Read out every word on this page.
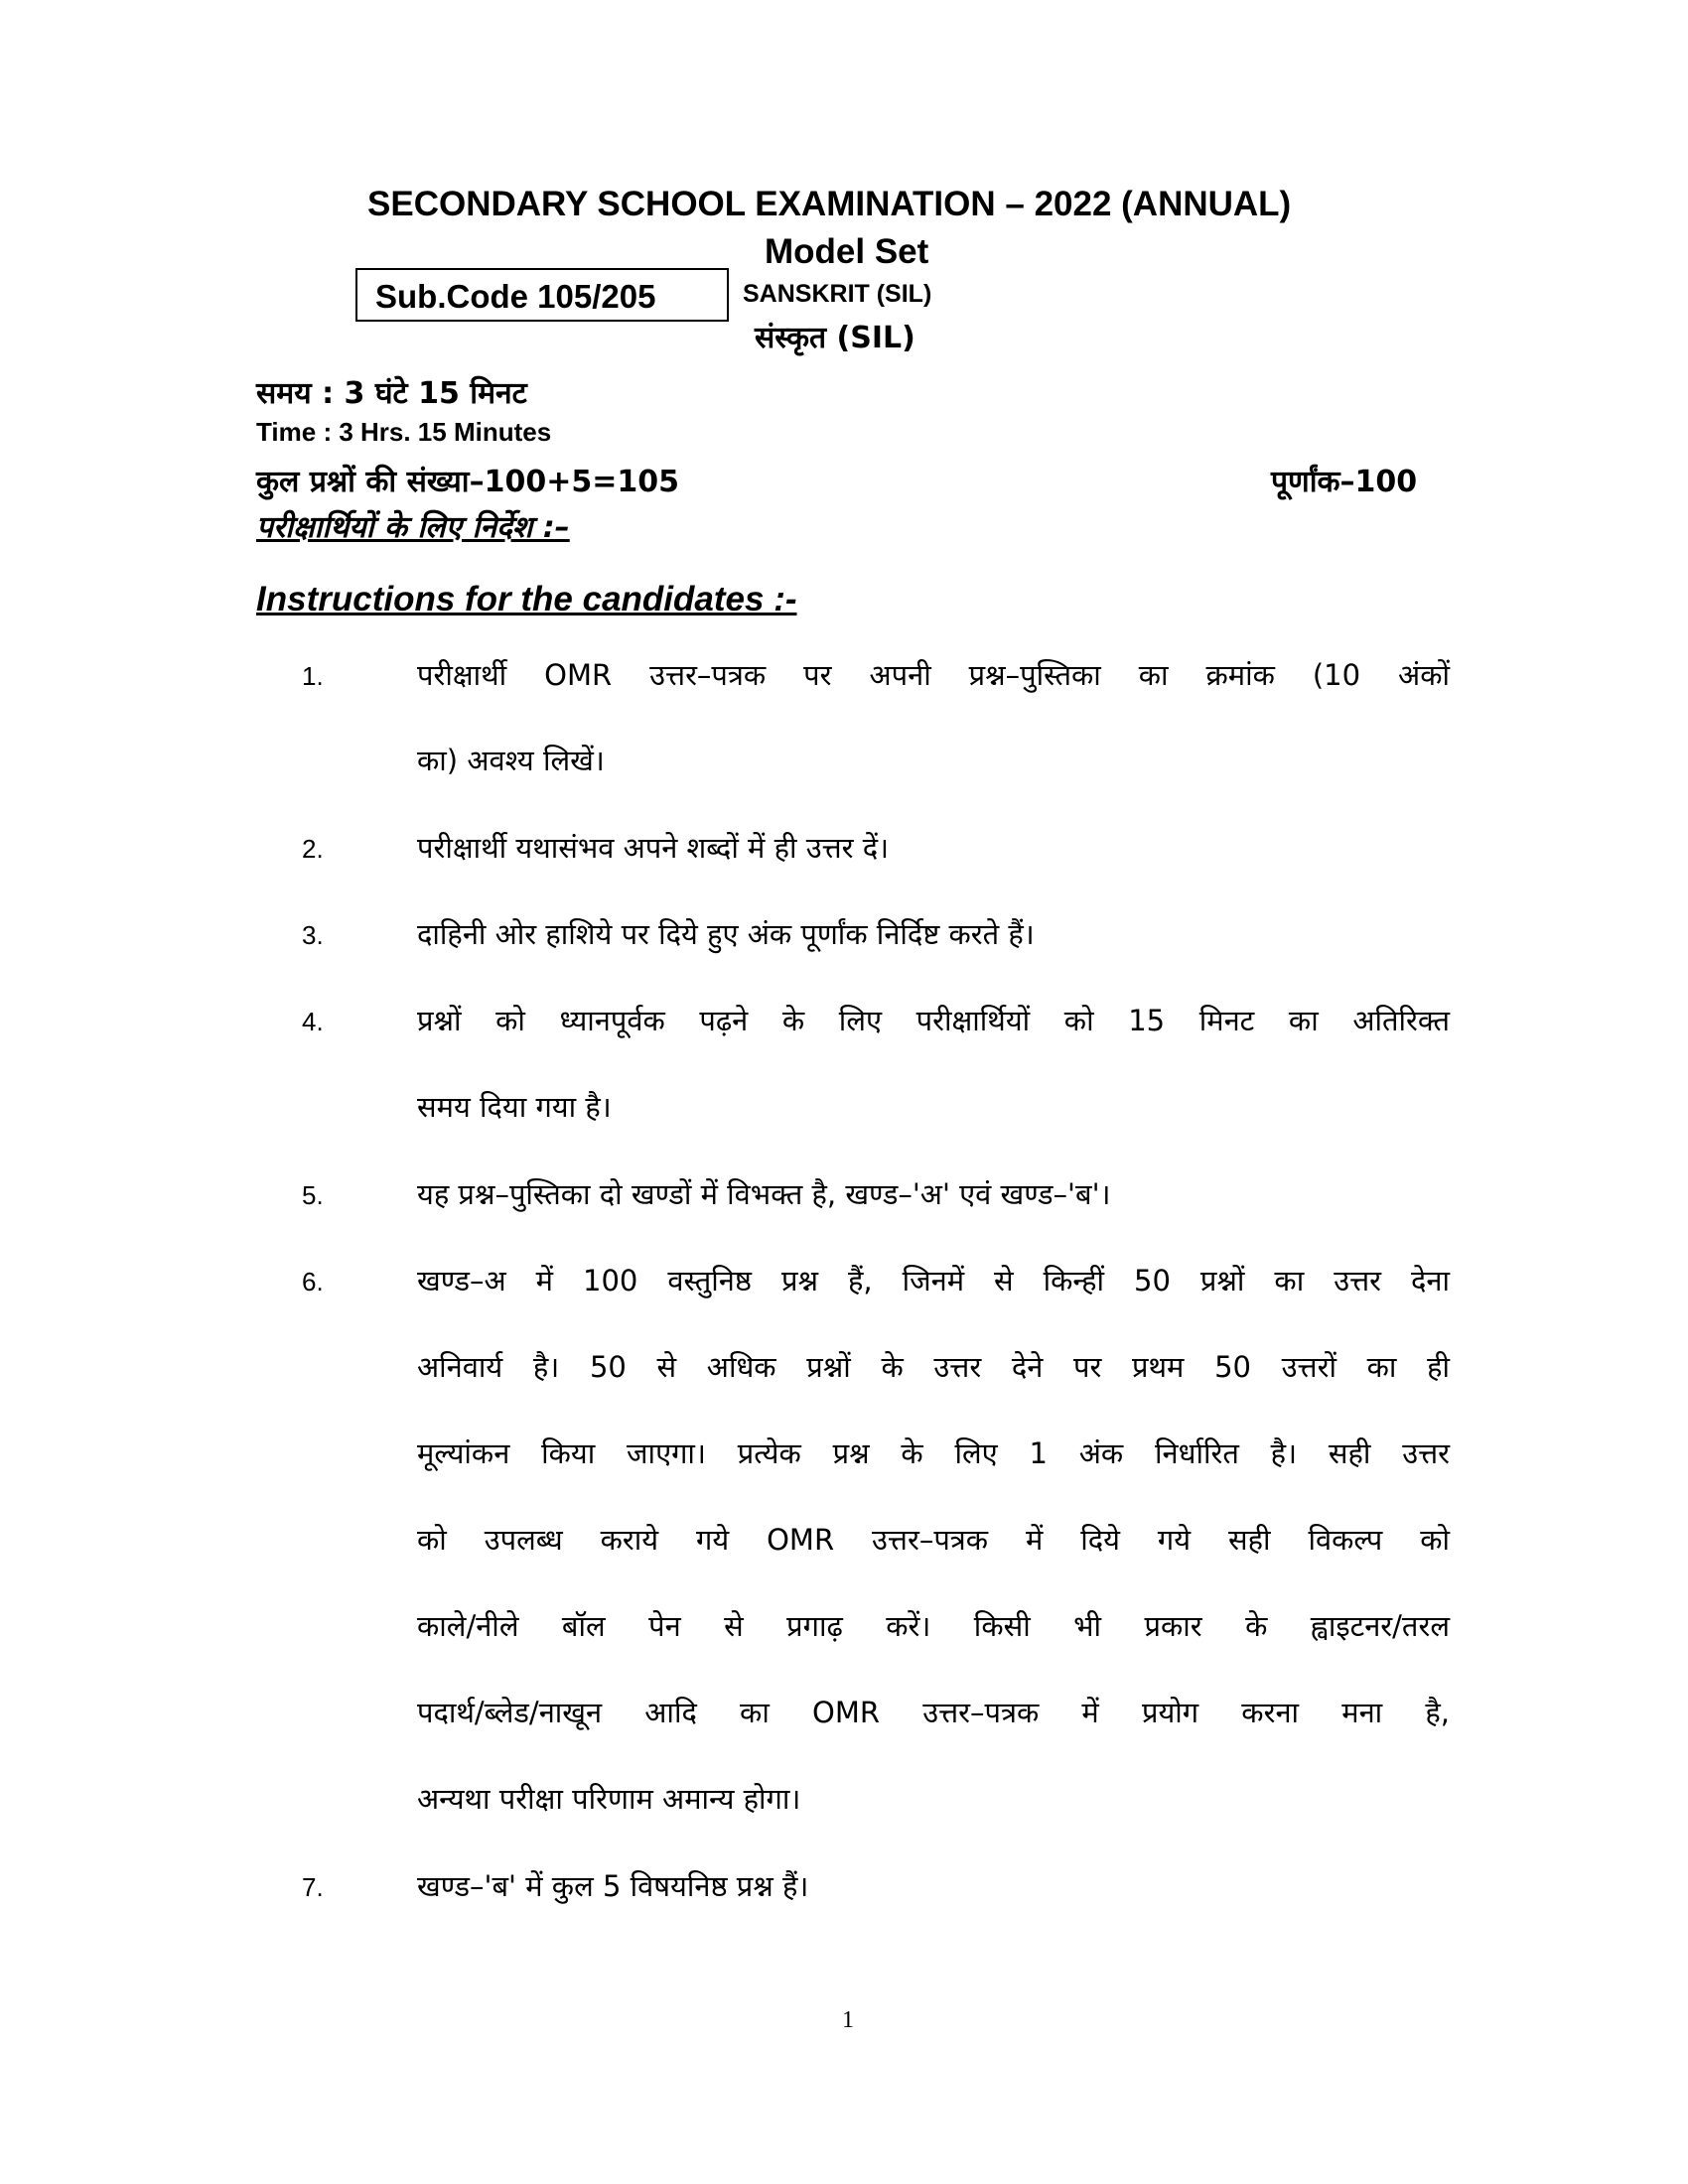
SECONDARY SCHOOL EXAMINATION – 2022 (ANNUAL)
Model Set
Sub.Code 105/205	SANSKRIT (SIL)
संस्कृत (SIL)
समय : 3 घंटे 15 मिनट
Time : 3 Hrs. 15 Minutes
कुल प्रश्नों की संख्या–100+5=105	पूर्णांक–100
परीक्षार्थियों के लिए निर्देश :–
Instructions for the candidates :-
1.	परीक्षार्थी OMR उत्तर–पत्रक पर अपनी प्रश्न–पुस्तिका का क्रमांक (10 अंकों
का) अवश्य लिखें।
2.	परीक्षार्थी यथासंभव अपने शब्दों में ही उत्तर दें।
3.	दाहिनी ओर हाशिये पर दिये हुए अंक पूर्णांक निर्दिष्ट करते हैं।
4.	प्रश्नों को ध्यानपूर्वक पढ़ने के लिए परीक्षार्थियों को 15 मिनट का अतिरिक्त
समय दिया गया है।
5.	यह प्रश्न–पुस्तिका दो खण्डों में विभक्त है, खण्ड–'अ' एवं खण्ड–'ब'।
6.	खण्ड–अ में 100 वस्तुनिष्ठ प्रश्न हैं, जिनमें से किन्हीं 50 प्रश्नों का उत्तर देना
अनिवार्य है। 50 से अधिक प्रश्नों के उत्तर देने पर प्रथम 50 उत्तरों का ही
मूल्यांकन किया जाएगा। प्रत्येक प्रश्न के लिए 1 अंक निर्धारित है। सही उत्तर
को उपलब्ध कराये गये OMR उत्तर–पत्रक में दिये गये सही विकल्प को
काले/नीले बॉल पेन से प्रगाढ़ करें। किसी भी प्रकार के ह्वाइटनर/तरल
पदार्थ/ब्लेड/नाखून आदि का OMR उत्तर–पत्रक में प्रयोग करना मना है,
अन्यथा परीक्षा परिणाम अमान्य होगा।
7.	खण्ड–'ब' में कुल 5 विषयनिष्ठ प्रश्न हैं।
1
